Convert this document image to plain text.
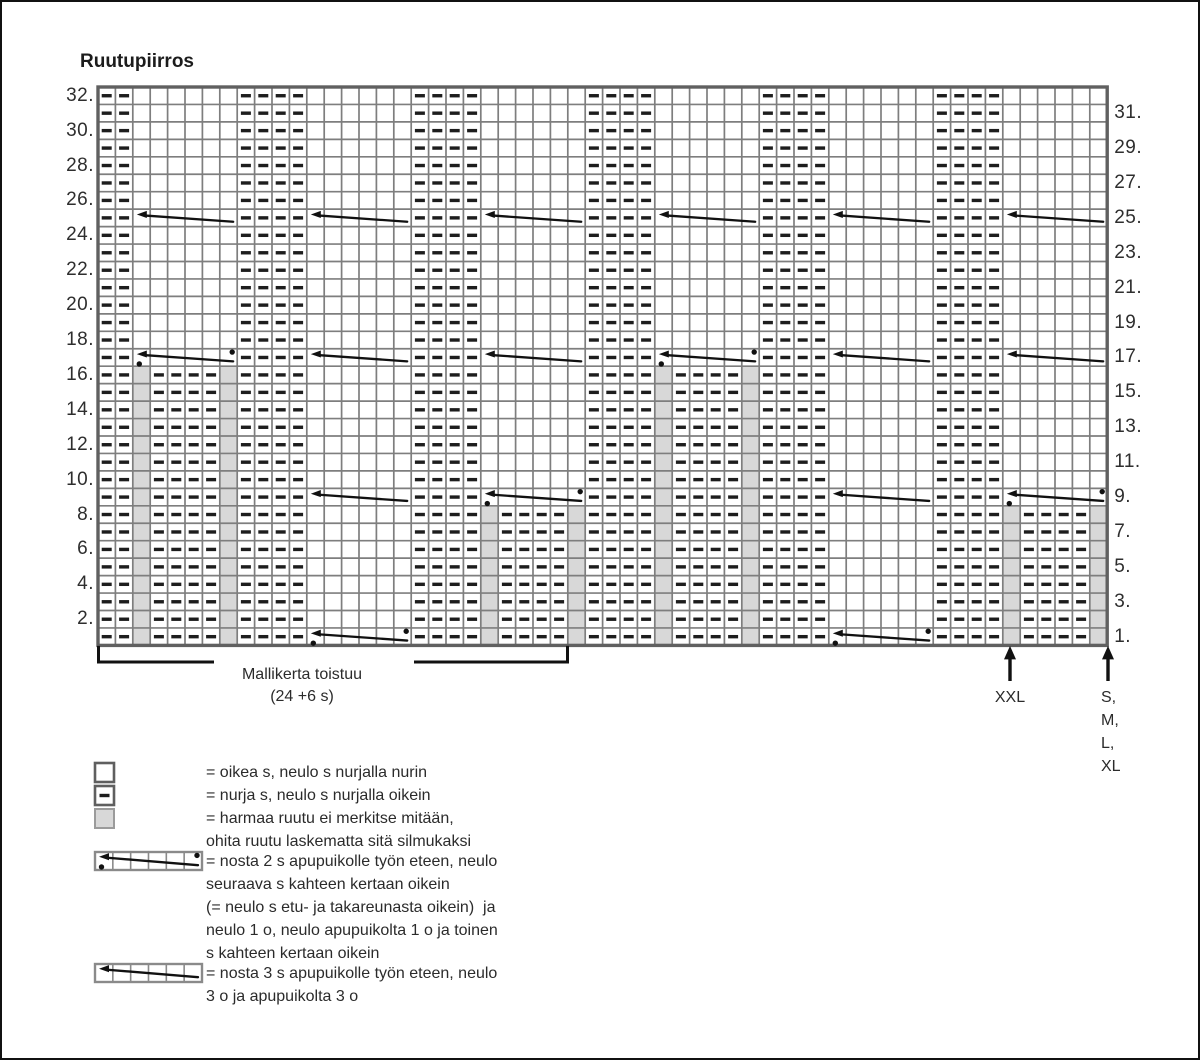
Ruutupiirros
Mallikerta toistuu
(24 +6 s)
32.
30.
28.
26.
24.
22.
20.
18.
16.
14.
12.
10.
8.
6.
4.
2.
31.
29.
27.
25.
23.
21.
19.
17.
15.
13.
11.
9.
7.
5.
3.
1.
XXL	S,
M,
L,
XL
= oikea s, neulo s nurjalla nurin
= nurja s, neulo s nurjalla oikein
= harmaa ruutu ei merkitse mitään,
ohita ruutu laskematta sitä silmukaksi
= nosta 2 s apupuikolle työn eteen, neulo
seuraava s kahteen kertaan oikein
(= neulo s etu- ja takareunasta oikein)  ja
neulo 1 o, neulo apupuikolta 1 o ja toinen
s kahteen kertaan oikein
= nosta 3 s apupuikolle työn eteen, neulo
3 o ja apupuikolta 3 o
